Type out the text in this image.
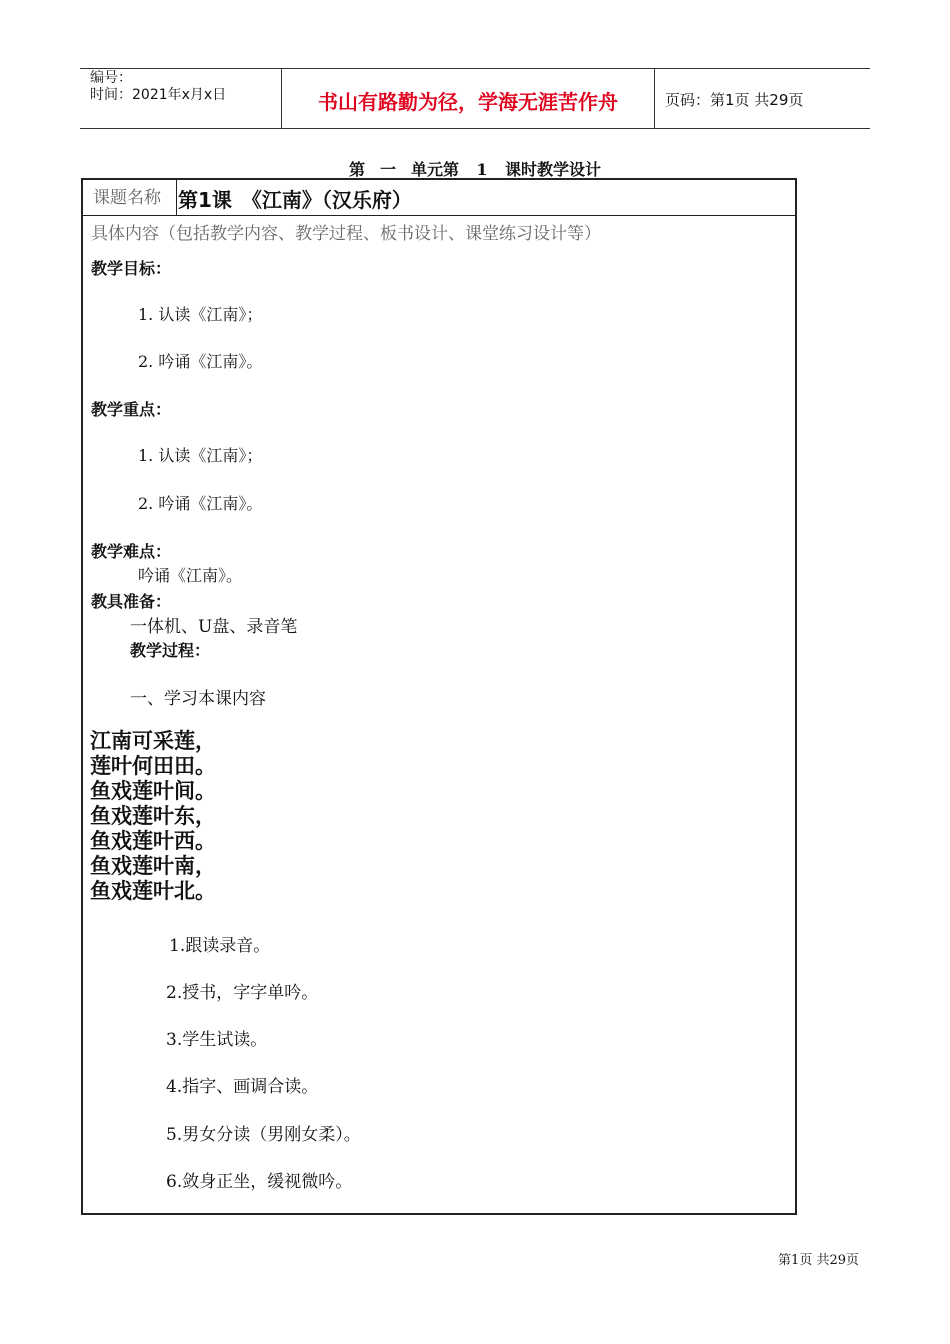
编号：
时间：2021年x月x日	书山有路勤为径，学海无涯苦作舟	页码：第1页 共29页
第 一 单元第 1 课时教学设计
课题名称 第1课　《江南》（汉乐府）
具体内容（包括教学内容、教学过程、板书设计、课堂练习设计等）
教学目标：
1. 认读《江南》；
2. 吟诵《江南》。
教学重点：
1. 认读《江南》；
2. 吟诵《江南》。
教学难点：
吟诵《江南》。
教具准备：
一体机、U盘、录音笔
教学过程：
一、学习本课内容
江南可采莲，
莲叶何田田。
鱼戏莲叶间。
鱼戏莲叶东，
鱼戏莲叶西。
鱼戏莲叶南，
鱼戏莲叶北。
1.跟读录音。
2.授书，字字单吟。
3.学生试读。
4.指字、画调合读。
5.男女分读（男刚女柔）。
6.敛身正坐，缓视微吟。
第1页 共29页
